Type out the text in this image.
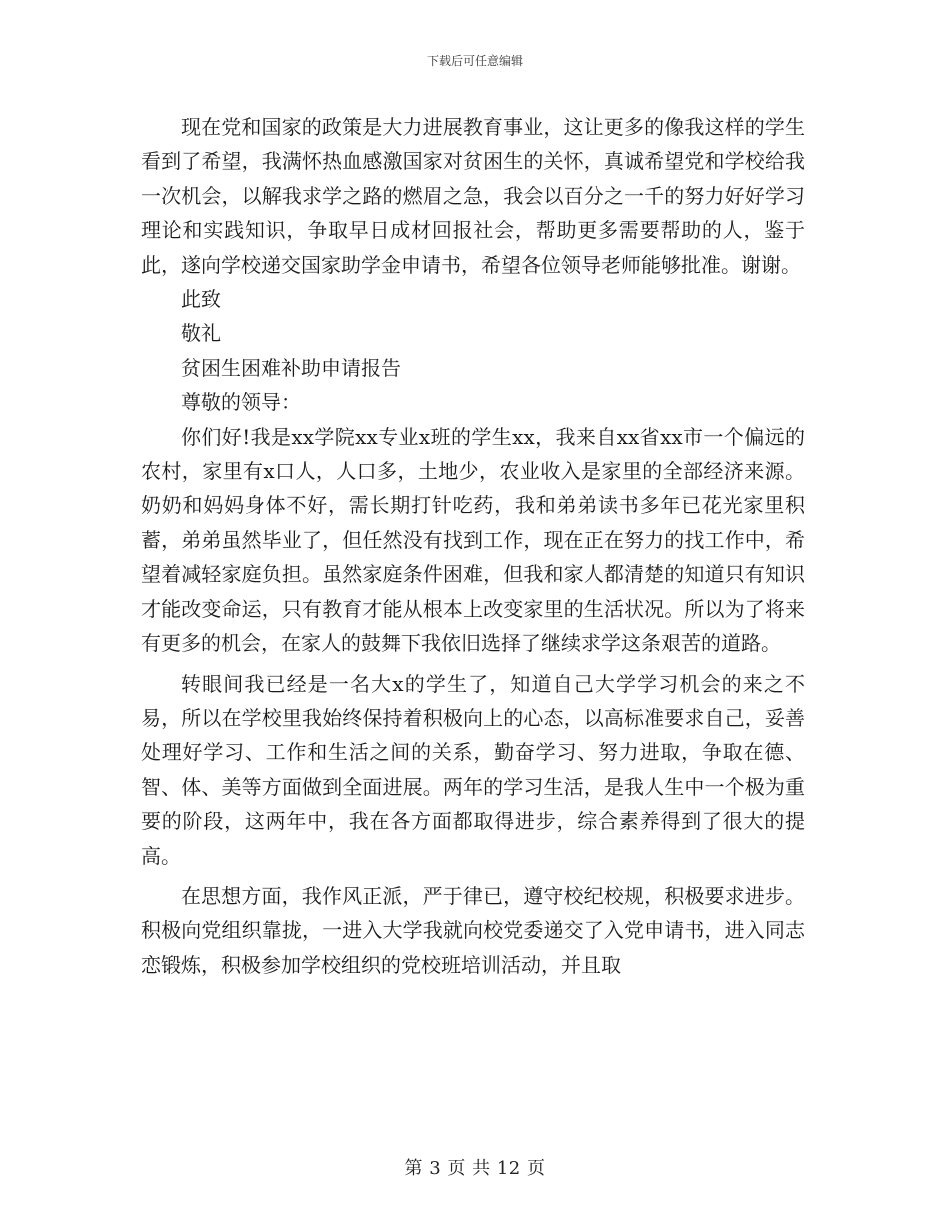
下载后可任意编辑

现在党和国家的政策是大力进展教育事业，这让更多的像我这样的学生看到了希望，我满怀热血感激国家对贫困生的关怀，真诚希望党和学校给我一次机会，以解我求学之路的燃眉之急，我会以百分之一千的努力好好学习理论和实践知识，争取早日成材回报社会，帮助更多需要帮助的人，鉴于此，遂向学校递交国家助学金申请书，希望各位领导老师能够批准。谢谢。

此致

敬礼

贫困生困难补助申请报告

尊敬的领导：

你们好!我是xx学院xx专业x班的学生xx，我来自xx省xx市一个偏远的农村，家里有x口人，人口多，土地少，农业收入是家里的全部经济来源。奶奶和妈妈身体不好，需长期打针吃药，我和弟弟读书多年已花光家里积蓄，弟弟虽然毕业了，但任然没有找到工作，现在正在努力的找工作中，希望着减轻家庭负担。虽然家庭条件困难，但我和家人都清楚的知道只有知识才能改变命运，只有教育才能从根本上改变家里的生活状况。所以为了将来有更多的机会，在家人的鼓舞下我依旧选择了继续求学这条艰苦的道路。

转眼间我已经是一名大x的学生了，知道自己大学学习机会的来之不易，所以在学校里我始终保持着积极向上的心态，以高标准要求自己，妥善处理好学习、工作和生活之间的关系，勤奋学习、努力进取，争取在德、智、体、美等方面做到全面进展。两年的学习生活，是我人生中一个极为重要的阶段，这两年中，我在各方面都取得进步，综合素养得到了很大的提高。

在思想方面，我作风正派，严于律已，遵守校纪校规，积极要求进步。积极向党组织靠拢，一进入大学我就向校党委递交了入党申请书，进入同志恋锻炼，积极参加学校组织的党校班培训活动，并且取

第 3 页 共 12 页
